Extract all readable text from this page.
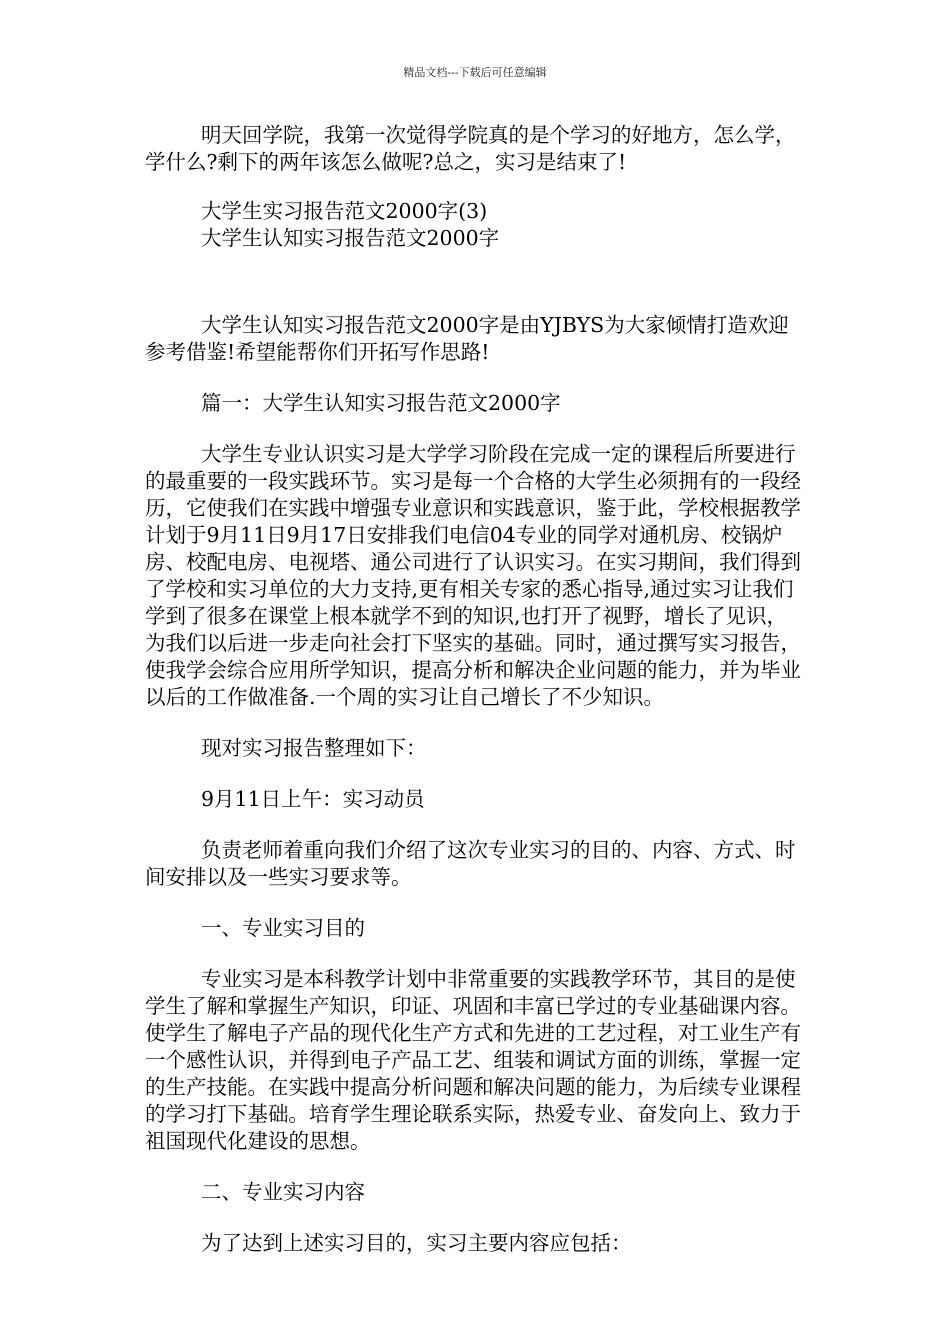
精品文档---下载后可任意编辑

明天回学院，我第一次觉得学院真的是个学习的好地方，怎么学，学什么?剩下的两年该怎么做呢?总之，实习是结束了!

大学生实习报告范文2000字(3)

大学生认知实习报告范文2000字

大学生认知实习报告范文2000字是由YJBYS为大家倾情打造欢迎参考借鉴!希望能帮你们开拓写作思路!

篇一：大学生认知实习报告范文2000字

大学生专业认识实习是大学学习阶段在完成一定的课程后所要进行的最重要的一段实践环节。实习是每一个合格的大学生必须拥有的一段经历，它使我们在实践中增强专业意识和实践意识，鉴于此，学校根据教学计划于9月11日9月17日安排我们电信04专业的同学对通机房、校锅炉房、校配电房、电视塔、通公司进行了认识实习。在实习期间，我们得到了学校和实习单位的大力支持,更有相关专家的悉心指导,通过实习让我们学到了很多在课堂上根本就学不到的知识,也打开了视野，增长了见识，为我们以后进一步走向社会打下坚实的基础。同时，通过撰写实习报告，使我学会综合应用所学知识，提高分析和解决企业问题的能力，并为毕业以后的工作做准备.一个周的实习让自己增长了不少知识。

现对实习报告整理如下：

9月11日上午：实习动员

负责老师着重向我们介绍了这次专业实习的目的、内容、方式、时间安排以及一些实习要求等。

一、专业实习目的

专业实习是本科教学计划中非常重要的实践教学环节，其目的是使学生了解和掌握生产知识，印证、巩固和丰富已学过的专业基础课内容。使学生了解电子产品的现代化生产方式和先进的工艺过程，对工业生产有一个感性认识，并得到电子产品工艺、组装和调试方面的训练，掌握一定的生产技能。在实践中提高分析问题和解决问题的能力，为后续专业课程的学习打下基础。培育学生理论联系实际，热爱专业、奋发向上、致力于祖国现代化建设的思想。

二、专业实习内容

为了达到上述实习目的，实习主要内容应包括：
